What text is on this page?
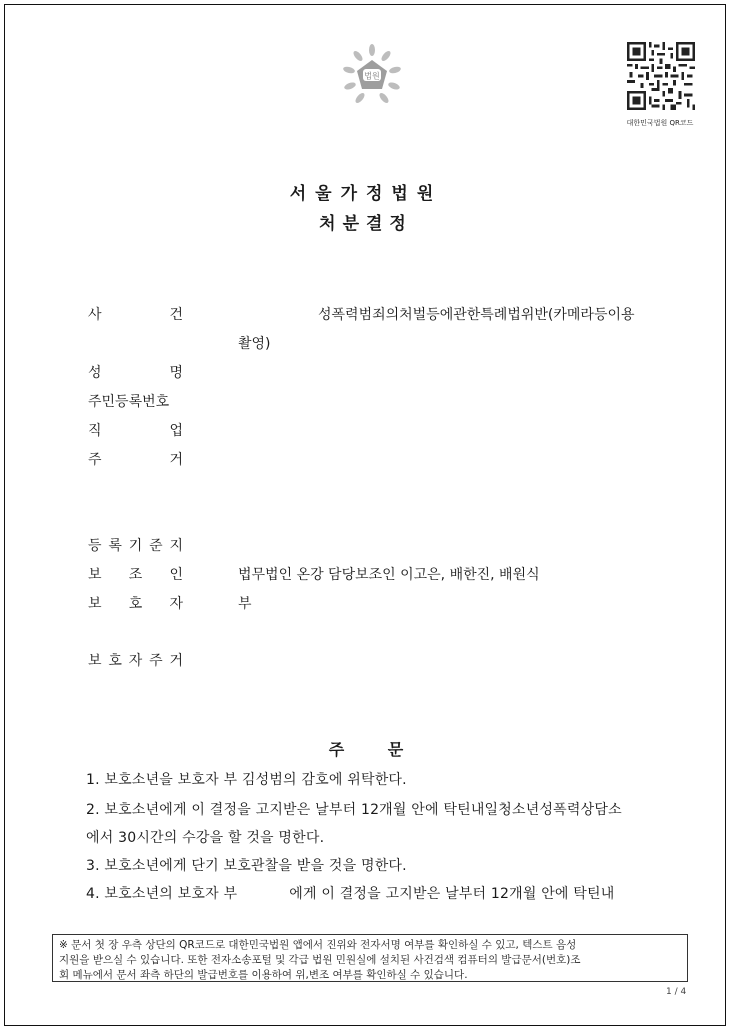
법원
대한민국법원 QR코드
서울가정법원
처분결정
사	건	성폭력범죄의처벌등에관한특례법위반(카메라등이용
촬영)
성	명
주민등록번호
직	업
주	거
등 록 기 준 지
보 조 인	법무법인 온강 담당보조인 이고은, 배한진, 배원식
보 호 자	부
보 호 자 주 거
주 문
1. 보호소년을 보호자 부 김성범의 감호에 위탁한다.
2. 보호소년에게 이 결정을 고지받은 날부터 12개월 안에 탁틴내일청소년성폭력상담소
에서 30시간의 수강을 할 것을 명한다.
3. 보호소년에게 단기 보호관찰을 받을 것을 명한다.
4. 보호소년의 보호자 부	에게 이 결정을 고지받은 날부터 12개월 안에 탁틴내
※ 문서 첫 장 우측 상단의 QR코드로 대한민국법원 앱에서 진위와 전자서명 여부를 확인하실 수 있고, 텍스트 음성
지원을 받으실 수 있습니다. 또한 전자소송포털 및 각급 법원 민원실에 설치된 사건검색 컴퓨터의 발급문서(번호)조
회 메뉴에서 문서 좌측 하단의 발급번호를 이용하여 위,변조 여부를 확인하실 수 있습니다.
1 / 4
